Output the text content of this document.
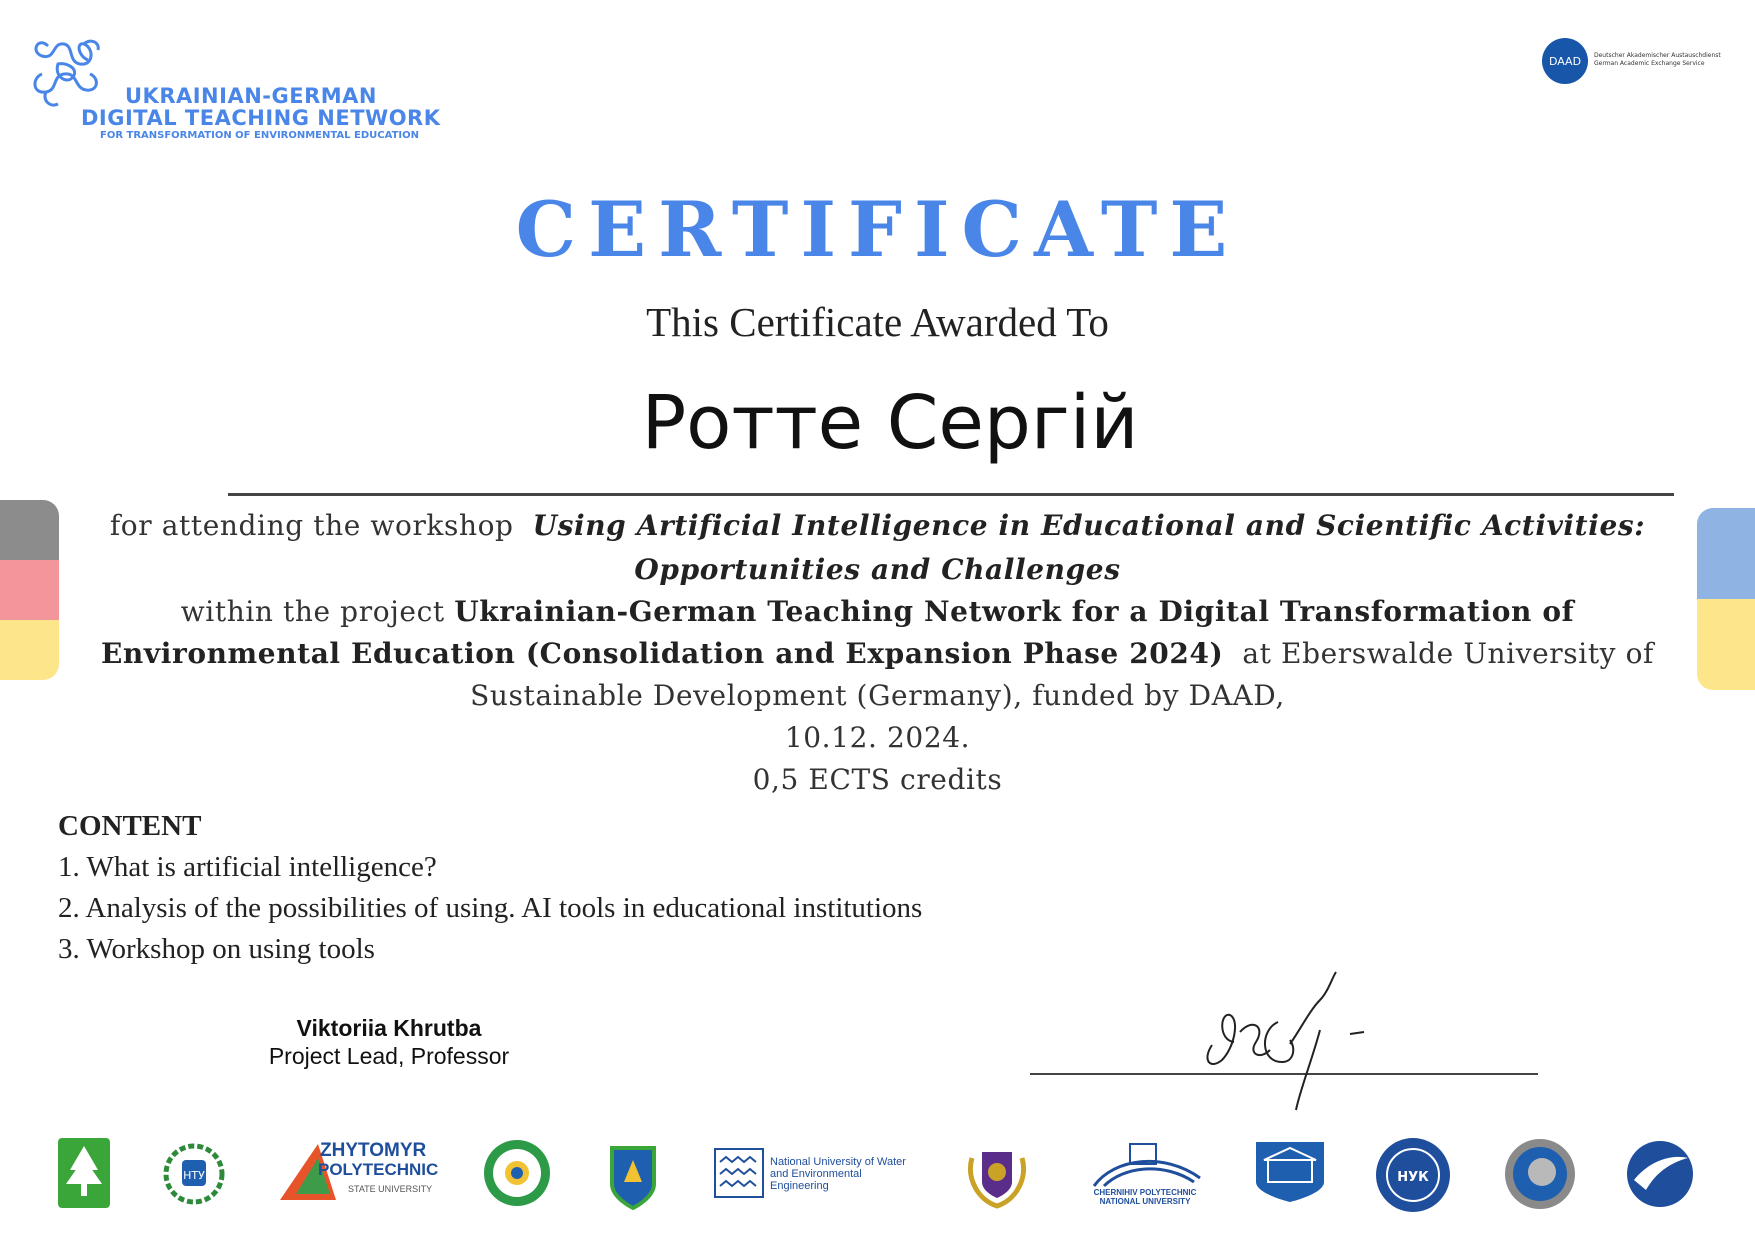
UKRAINIAN-GERMAN
DIGITAL TEACHING NETWORK
FOR TRANSFORMATION OF ENVIRONMENTAL EDUCATION
DAAD	Deutscher Akademischer Austauschdienst
German Academic Exchange Service
CERTIFICATE
This Certificate Awarded To
Ротте Сергій
for attending the workshop Using Artificial Intelligence in Educational and Scientific Activities:
Opportunities and Challenges
within the project Ukrainian-German Teaching Network for a Digital Transformation of
Environmental Education (Consolidation and Expansion Phase 2024) at Eberswalde University of
Sustainable Development (Germany), funded by DAAD,
10.12. 2024.
0,5 ECTS credits
CONTENT
1. What is artificial intelligence?
2. Analysis of the possibilities of using. AI tools in educational institutions
3. Workshop on using tools
Viktoriia Khrutba
Project Lead, Professor
НТУ
ZHYTOMYR
POLYTECHNIC
STATE UNIVERSITY
National University of Water
and Environmental
Engineering
CHERNIHIV POLYTECHNIC
NATIONAL UNIVERSITY
НУК
